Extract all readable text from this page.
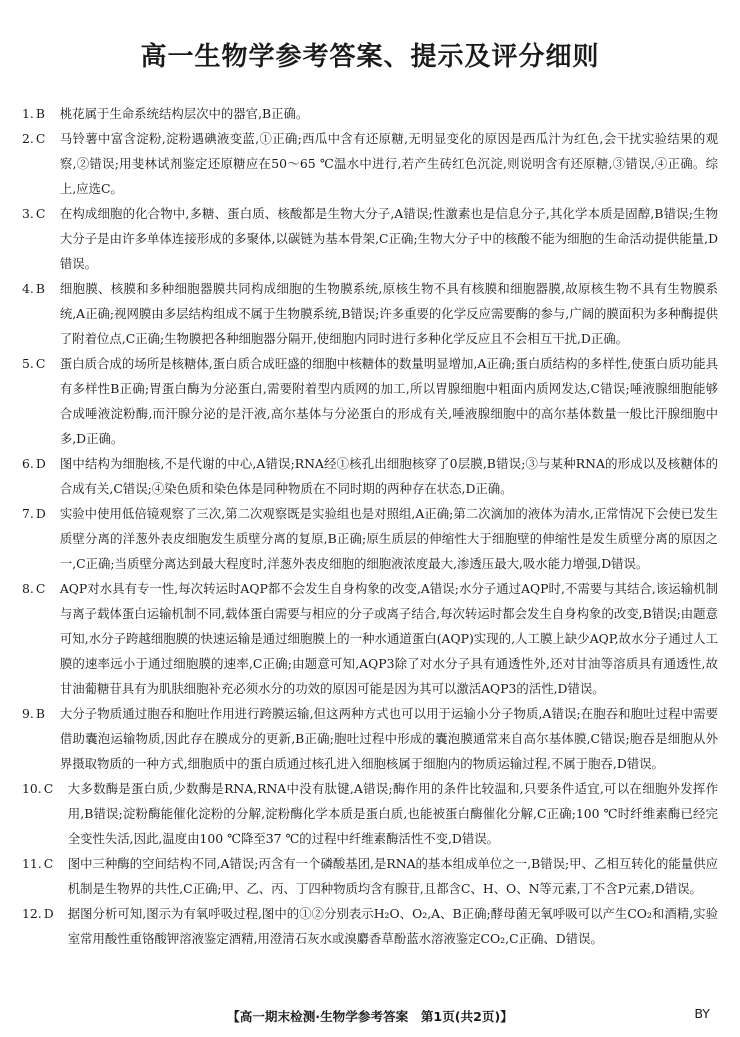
高一生物学参考答案、提示及评分细则
1. B	桃花属于生命系统结构层次中的器官,B正确。
2. C	马铃薯中富含淀粉,淀粉遇碘液变蓝,①正确;西瓜中含有还原糖,无明显变化的原因是西瓜汁为红色,会干扰实验结果的观察,②错误;用斐林试剂鉴定还原糖应在50～65 ℃温水中进行,若产生砖红色沉淀,则说明含有还原糖,③错误,④正确。综上,应选C。
3. C	在构成细胞的化合物中,多糖、蛋白质、核酸都是生物大分子,A错误;性激素也是信息分子,其化学本质是固醇,B错误;生物大分子是由许多单体连接形成的多聚体,以碳链为基本骨架,C正确;生物大分子中的核酸不能为细胞的生命活动提供能量,D错误。
4. B	细胞膜、核膜和多种细胞器膜共同构成细胞的生物膜系统,原核生物不具有核膜和细胞器膜,故原核生物不具有生物膜系统,A正确;视网膜由多层结构组成不属于生物膜系统,B错误;许多重要的化学反应需要酶的参与,广阔的膜面积为多种酶提供了附着位点,C正确;生物膜把各种细胞器分隔开,使细胞内同时进行多种化学反应且不会相互干扰,D正确。
5. C	蛋白质合成的场所是核糖体,蛋白质合成旺盛的细胞中核糖体的数量明显增加,A正确;蛋白质结构的多样性,使蛋白质功能具有多样性B正确;胃蛋白酶为分泌蛋白,需要附着型内质网的加工,所以胃腺细胞中粗面内质网发达,C错误;唾液腺细胞能够合成唾液淀粉酶,而汗腺分泌的是汗液,高尔基体与分泌蛋白的形成有关,唾液腺细胞中的高尔基体数量一般比汗腺细胞中多,D正确。
6. D	图中结构为细胞核,不是代谢的中心,A错误;RNA经①核孔出细胞核穿了0层膜,B错误;③与某种RNA的形成以及核糖体的合成有关,C错误;④染色质和染色体是同种物质在不同时期的两种存在状态,D正确。
7. D	实验中使用低倍镜观察了三次,第二次观察既是实验组也是对照组,A正确;第二次滴加的液体为清水,正常情况下会使已发生质壁分离的洋葱外表皮细胞发生质壁分离的复原,B正确;原生质层的伸缩性大于细胞壁的伸缩性是发生质壁分离的原因之一,C正确;当质壁分离达到最大程度时,洋葱外表皮细胞的细胞液浓度最大,渗透压最大,吸水能力增强,D错误。
8. C	AQP对水具有专一性,每次转运时AQP都不会发生自身构象的改变,A错误;水分子通过AQP时,不需要与其结合,该运输机制与离子载体蛋白运输机制不同,载体蛋白需要与相应的分子或离子结合,每次转运时都会发生自身构象的改变,B错误;由题意可知,水分子跨越细胞膜的快速运输是通过细胞膜上的一种水通道蛋白(AQP)实现的,人工膜上缺少AQP,故水分子通过人工膜的速率远小于通过细胞膜的速率,C正确;由题意可知,AQP3除了对水分子具有通透性外,还对甘油等溶质具有通透性,故甘油葡糖苷具有为肌肤细胞补充必须水分的功效的原因可能是因为其可以激活AQP3的活性,D错误。
9. B	大分子物质通过胞吞和胞吐作用进行跨膜运输,但这两种方式也可以用于运输小分子物质,A错误;在胞吞和胞吐过程中需要借助囊泡运输物质,因此存在膜成分的更新,B正确;胞吐过程中形成的囊泡膜通常来自高尔基体膜,C错误;胞吞是细胞从外界摄取物质的一种方式,细胞质中的蛋白质通过核孔进入细胞核属于细胞内的物质运输过程,不属于胞吞,D错误。
10. C	大多数酶是蛋白质,少数酶是RNA,RNA中没有肽键,A错误;酶作用的条件比较温和,只要条件适宜,可以在细胞外发挥作用,B错误;淀粉酶能催化淀粉的分解,淀粉酶化学本质是蛋白质,也能被蛋白酶催化分解,C正确;100 ℃时纤维素酶已经完全变性失活,因此,温度由100 ℃降至37 ℃的过程中纤维素酶活性不变,D错误。
11. C	图中三种酶的空间结构不同,A错误;丙含有一个磷酸基团,是RNA的基本组成单位之一,B错误;甲、乙相互转化的能量供应机制是生物界的共性,C正确;甲、乙、丙、丁四种物质均含有腺苷,且都含C、H、O、N等元素,丁不含P元素,D错误。
12. D	据图分析可知,图示为有氧呼吸过程,图中的①②分别表示H₂O、O₂,A、B正确;酵母菌无氧呼吸可以产生CO₂和酒精,实验室常用酸性重铬酸钾溶液鉴定酒精,用澄清石灰水或溴麝香草酚蓝水溶液鉴定CO₂,C正确、D错误。
【高一期末检测·生物学参考答案　第1页(共2页)】	BY
